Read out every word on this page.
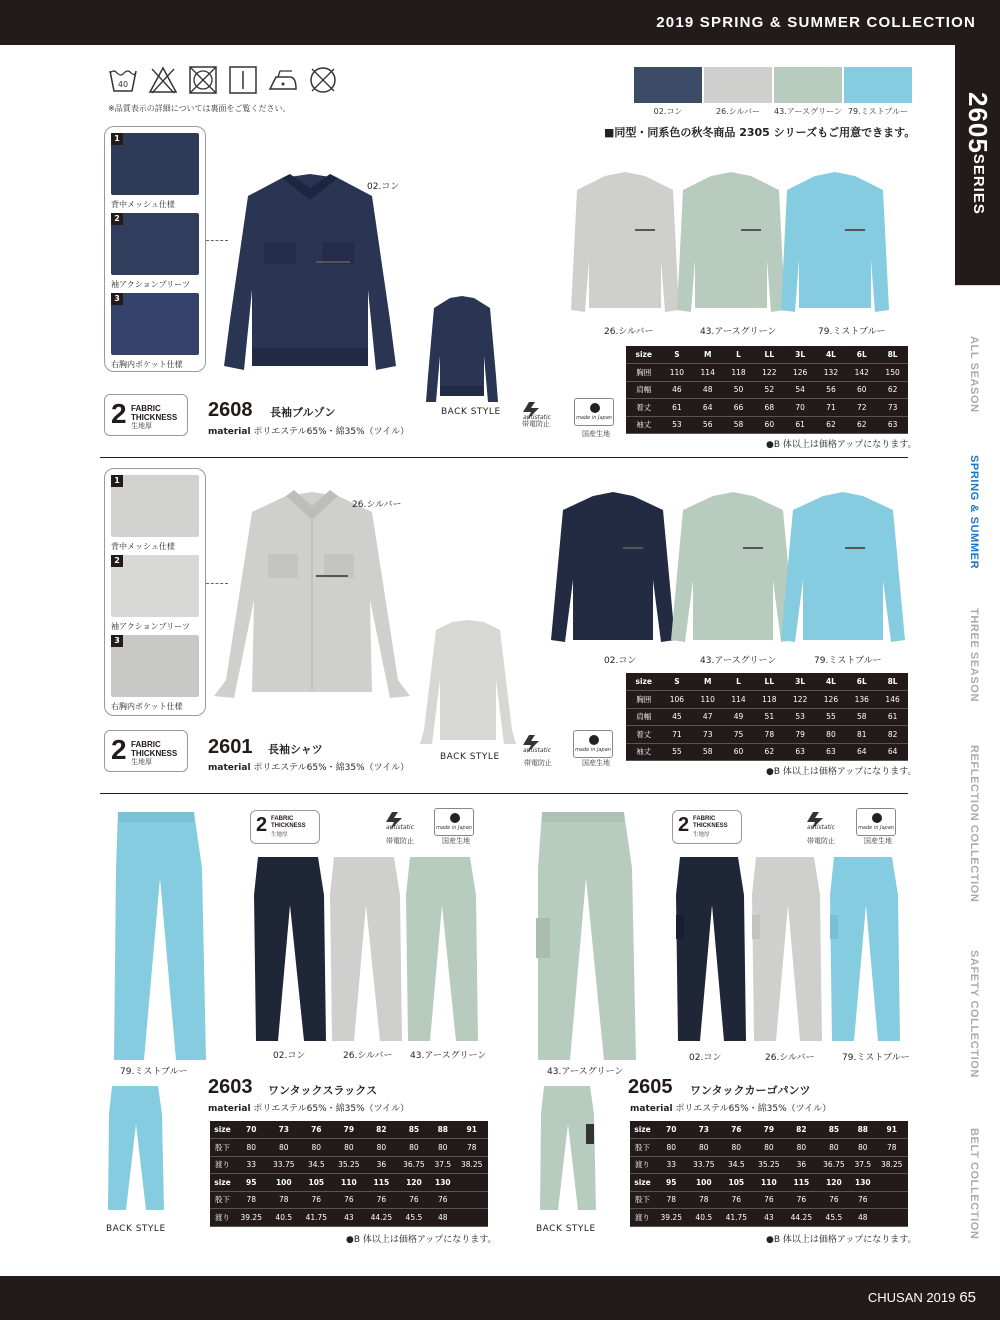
2019 SPRING & SUMMER COLLECTION
2605SERIES
ALL SEASON
SPRING & SUMMER
THREE SEASON
REFLECTION COLLECTION
SAFETY COLLECTION
BELT COLLECTION
40
※品質表示の詳細については裏面をご覧ください。	02.コン	26.シルバー	43.アースグリーン 79.ミストブルー
■同型・同系色の秋冬商品 2305 シリーズもご用意できます。
1
背中メッシュ仕様
2
袖アクションプリーツ
3
右胸内ポケット仕様
02.コン
BACK STYLE
26.シルバー	43.アースグリーン	79.ミストブルー
2 FABRIC
THICKNESS
生地厚
2608 長袖ブルゾン
material ポリエステル65%・綿35%（ツイル）
antistatic
帯電防止
made in Japan
国産生地
size	S	M	L	LL	3L	4L	6L	8L
胸囲	110	114	118	122	126	132	142	150
肩幅	46	48	50	52	54	56	60	62
着丈	61	64	66	68	70	71	72	73
袖丈	53	56	58	60	61	62	62	63
●B 体以上は価格アップになります。
1
背中メッシュ仕様
2
袖アクションプリーツ
3
右胸内ポケット仕様
26.シルバー
BACK STYLE
02.コン	43.アースグリーン	79.ミストブルー
2 FABRIC
THICKNESS
生地厚
2601 長袖シャツ
material ポリエステル65%・綿35%（ツイル）
antistatic
帯電防止
made in Japan
国産生地
size	S	M	L	LL	3L	4L	6L	8L
胸囲	106	110	114	118	122	126	136	146
肩幅	45	47	49	51	53	55	58	61
着丈	71	73	75	78	79	80	81	82
袖丈	55	58	60	62	63	63	64	64
●B 体以上は価格アップになります。
79.ミストブルー
2 FABRIC
THICKNESS
生地厚
antistatic
帯電防止
made in Japan
国産生地
02.コン	26.シルバー 43.アースグリーン
2603 ワンタックスラックス
material ポリエステル65%・綿35%（ツイル）
BACK STYLE
size	70	73	76	79	82	85	88	91
股下	80	80	80	80	80	80	80	78
渡り	33	33.75	34.5	35.25	36	36.75	37.5	38.25
size	95	100	105	110	115	120	130	
股下	78	78	76	76	76	76	76	
渡り	39.25	40.5	41.75	43	44.25	45.5	48	
●B 体以上は価格アップになります。
43.アースグリーン
2 FABRIC
THICKNESS
生地厚
antistatic
帯電防止
made in Japan
国産生地
02.コン	26.シルバー	79.ミストブルー
2605 ワンタックカーゴパンツ
material ポリエステル65%・綿35%（ツイル）
BACK STYLE
size	70	73	76	79	82	85	88	91
股下	80	80	80	80	80	80	80	78
渡り	33	33.75	34.5	35.25	36	36.75	37.5	38.25
size	95	100	105	110	115	120	130	
股下	78	78	76	76	76	76	76	
渡り	39.25	40.5	41.75	43	44.25	45.5	48	
●B 体以上は価格アップになります。
CHUSAN 2019 65
